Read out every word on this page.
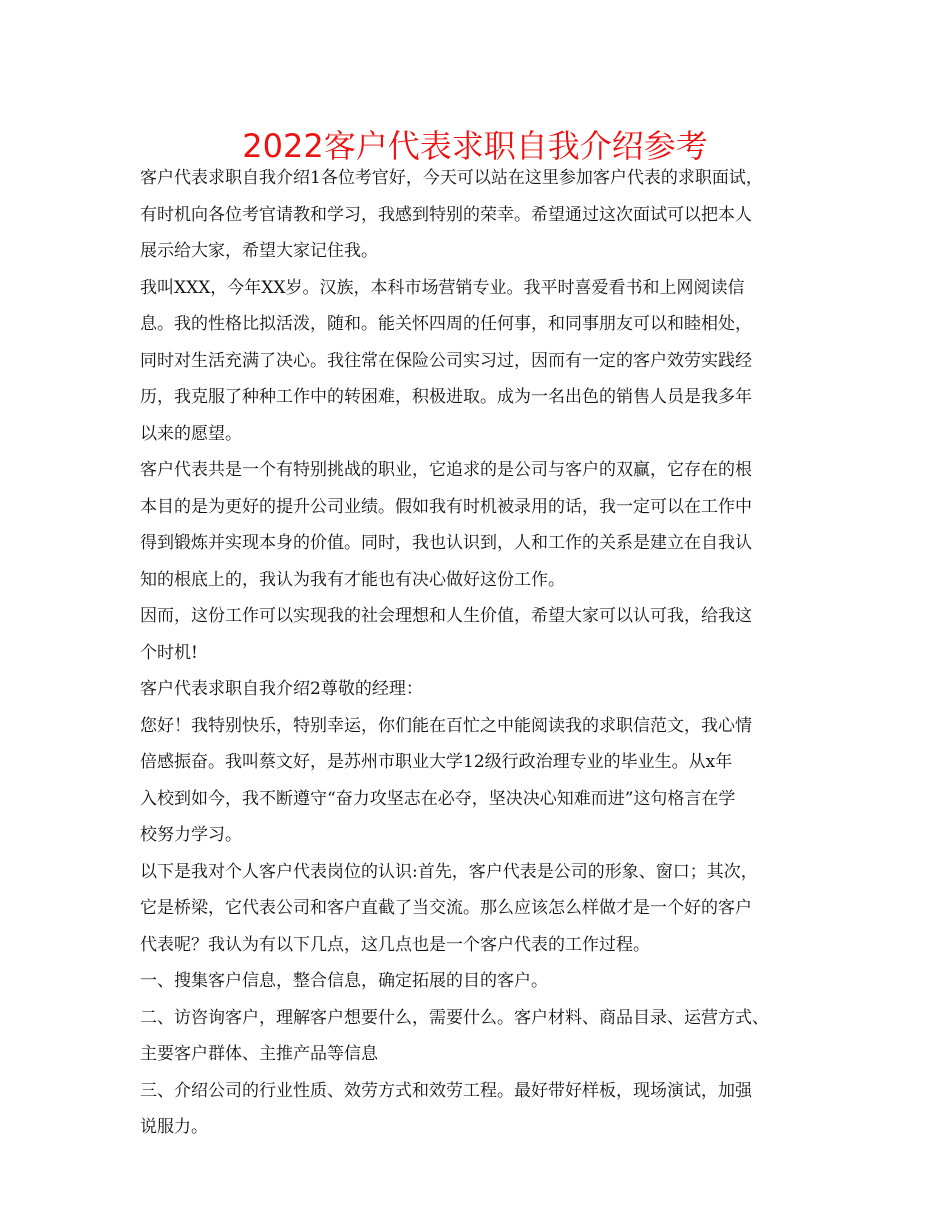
2022客户代表求职自我介绍参考
客户代表求职自我介绍1各位考官好，今天可以站在这里参加客户代表的求职面试，
有时机向各位考官请教和学习，我感到特别的荣幸。希望通过这次面试可以把本人
展示给大家，希望大家记住我。
我叫XXX，今年XX岁。汉族，本科市场营销专业。我平时喜爱看书和上网阅读信
息。我的性格比拟活泼，随和。能关怀四周的任何事，和同事朋友可以和睦相处，
同时对生活充满了决心。我往常在保险公司实习过，因而有一定的客户效劳实践经
历，我克服了种种工作中的转困难，积极进取。成为一名出色的销售人员是我多年
以来的愿望。
客户代表共是一个有特别挑战的职业，它追求的是公司与客户的双赢，它存在的根
本目的是为更好的提升公司业绩。假如我有时机被录用的话，我一定可以在工作中
得到锻炼并实现本身的价值。同时，我也认识到，人和工作的关系是建立在自我认
知的根底上的，我认为我有才能也有决心做好这份工作。
因而，这份工作可以实现我的社会理想和人生价值，希望大家可以认可我，给我这
个时机!
客户代表求职自我介绍2尊敬的经理：
您好！我特别快乐，特别幸运，你们能在百忙之中能阅读我的求职信范文，我心情
倍感振奋。我叫蔡文好，是苏州市职业大学12级行政治理专业的毕业生。从x年
入校到如今，我不断遵守“奋力攻坚志在必夺，坚决决心知难而进”这句格言在学
校努力学习。
以下是我对个人客户代表岗位的认识:首先，客户代表是公司的形象、窗口；其次，
它是桥梁，它代表公司和客户直截了当交流。那么应该怎么样做才是一个好的客户
代表呢？我认为有以下几点，这几点也是一个客户代表的工作过程。
一、搜集客户信息，整合信息，确定拓展的目的客户。
二、访咨询客户，理解客户想要什么，需要什么。客户材料、商品目录、运营方式、
主要客户群体、主推产品等信息
三、介绍公司的行业性质、效劳方式和效劳工程。最好带好样板，现场演试，加强
说服力。
